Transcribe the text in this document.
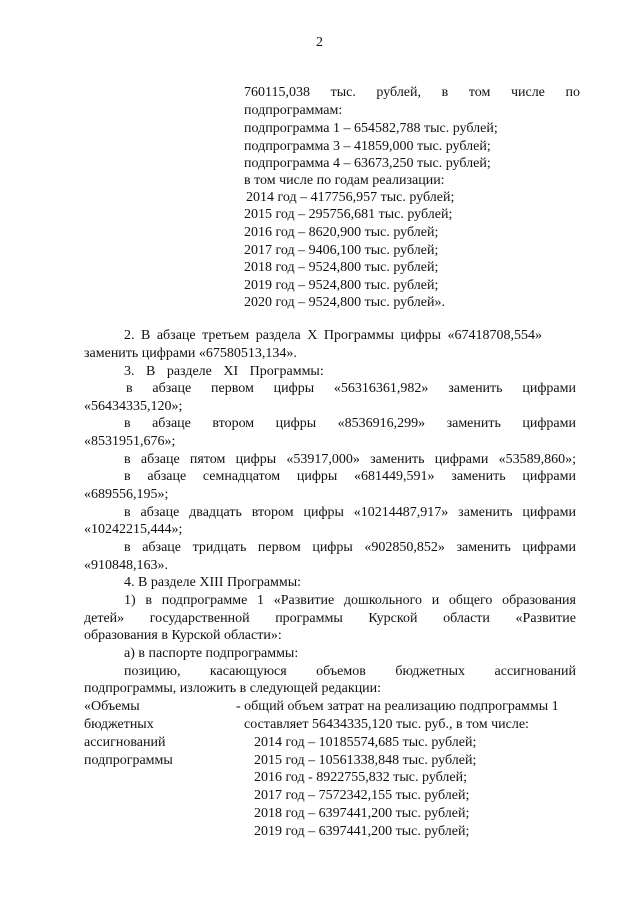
2

760115,038 тыс. рублей, в том числе по

подпрограммам:

подпрограмма 1 – 654582,788 тыс. рублей;

подпрограмма 3 – 41859,000 тыс. рублей;

подпрограмма 4 – 63673,250 тыс. рублей;

в том числе по годам реализации:

2014 год – 417756,957 тыс. рублей;

2015 год – 295756,681 тыс. рублей;

2016 год – 8620,900 тыс. рублей;

2017 год – 9406,100 тыс. рублей;

2018 год – 9524,800 тыс. рублей;

2019 год – 9524,800 тыс. рублей;

2020 год – 9524,800 тыс. рублей».

2. В абзаце третьем раздела X Программы цифры «67418708,554»

заменить цифрами «67580513,134».

3. В разделе XI Программы:

в абзаце первом цифры «56316361,982» заменить цифрами

«56434335,120»;

в абзаце втором цифры «8536916,299» заменить цифрами

«8531951,676»;

в абзаце пятом цифры «53917,000» заменить цифрами «53589,860»;

в абзаце семнадцатом цифры «681449,591» заменить цифрами

«689556,195»;

в абзаце двадцать втором цифры «10214487,917» заменить цифрами

«10242215,444»;

в абзаце тридцать первом цифры «902850,852» заменить цифрами

«910848,163».

4. В разделе XIII Программы:

1) в подпрограмме 1 «Развитие дошкольного и общего образования

детей» государственной программы Курской области «Развитие

образования в Курской области»:

а) в паспорте подпрограммы:

позицию, касающуюся объемов бюджетных ассигнований

подпрограммы, изложить в следующей редакции:

«Объемы

бюджетных

ассигнований

подпрограммы

- общий объем затрат на реализацию подпрограммы 1

составляет 56434335,120 тыс. руб., в том числе:

2014 год – 10185574,685 тыс. рублей;

2015 год – 10561338,848 тыс. рублей;

2016 год - 8922755,832 тыс. рублей;

2017 год – 7572342,155 тыс. рублей;

2018 год – 6397441,200 тыс. рублей;

2019 год – 6397441,200 тыс. рублей;
